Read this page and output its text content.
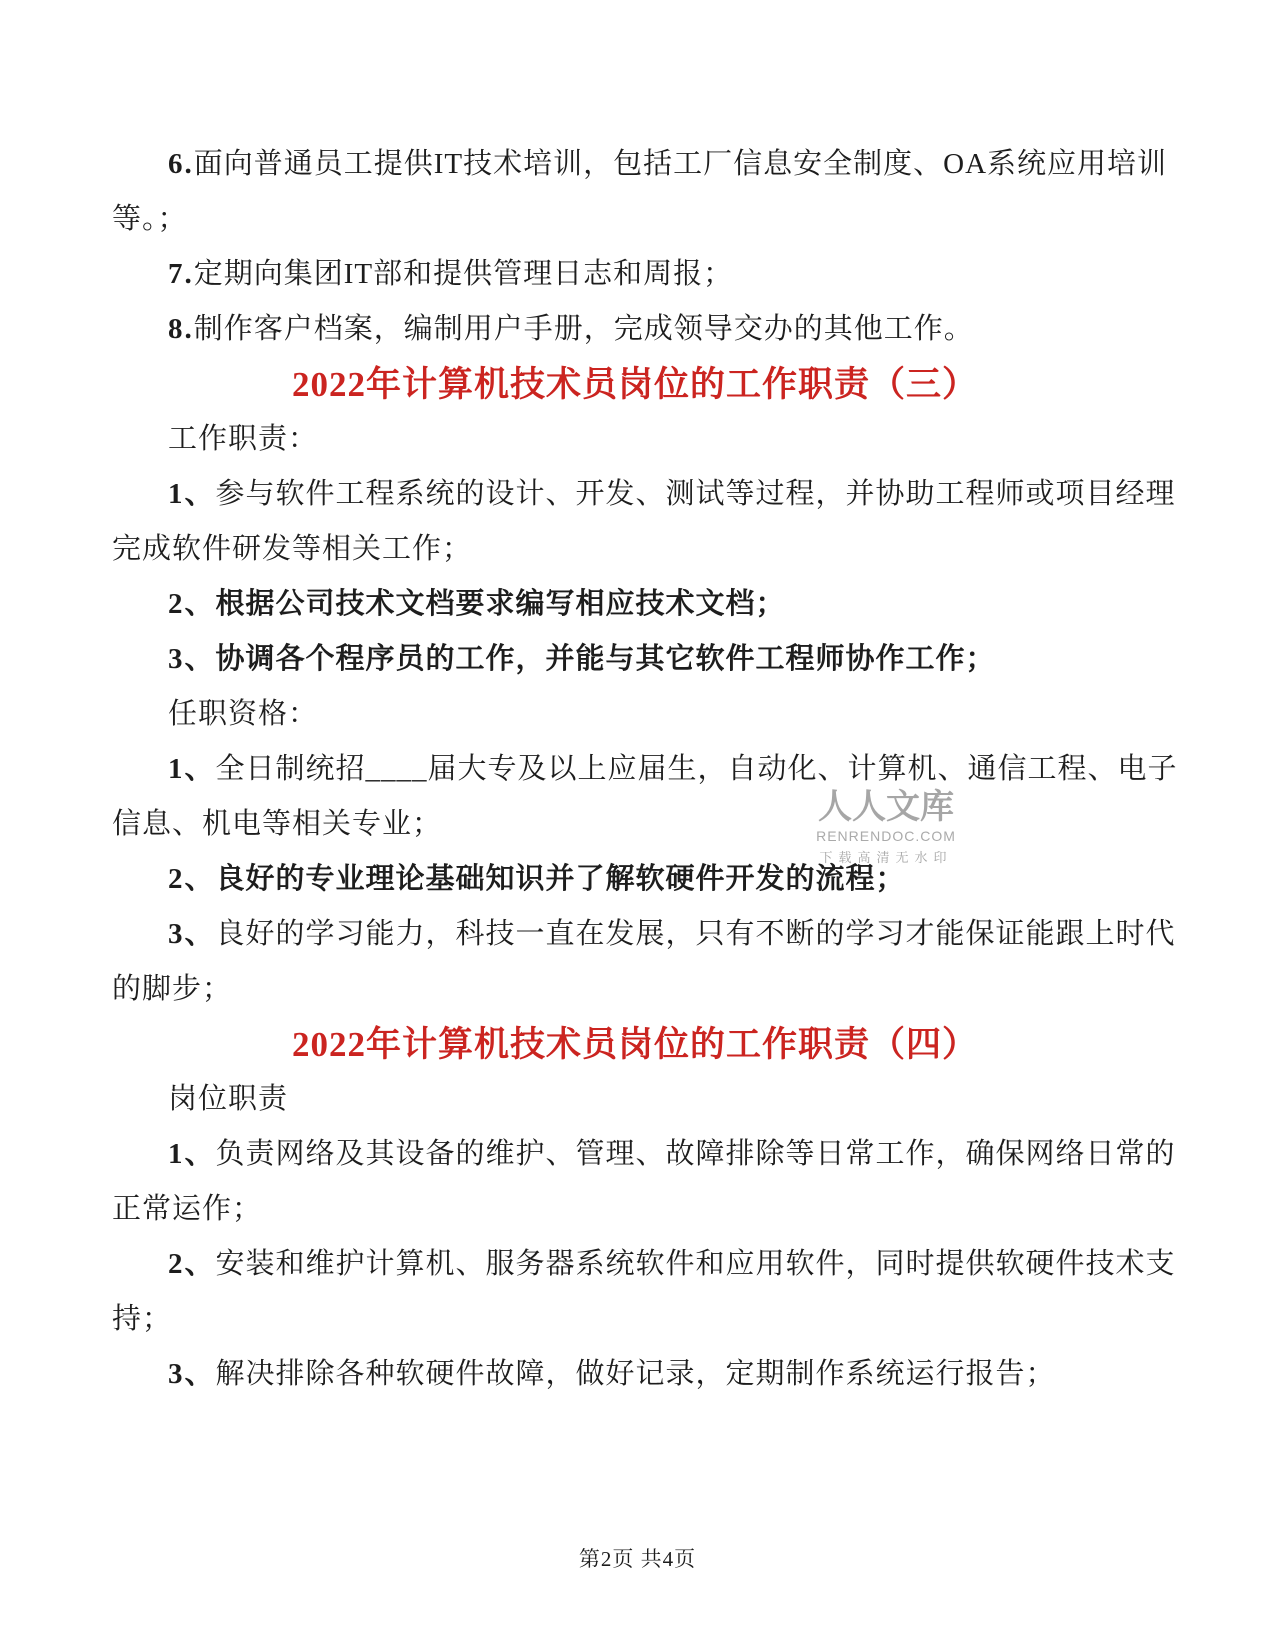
人人文库
RENRENDOC.COM
下载高清无水印
6.面向普通员工提供IT技术培训，包括工厂信息安全制度、OA系统应用培训
等。；
7.定期向集团IT部和提供管理日志和周报；
8.制作客户档案，编制用户手册，完成领导交办的其他工作。
2022年计算机技术员岗位的工作职责（三）
工作职责：
1、参与软件工程系统的设计、开发、测试等过程，并协助工程师或项目经理
完成软件研发等相关工作；
2、根据公司技术文档要求编写相应技术文档；
3、协调各个程序员的工作，并能与其它软件工程师协作工作；
任职资格：
1、全日制统招____届大专及以上应届生，自动化、计算机、通信工程、电子
信息、机电等相关专业；
2、良好的专业理论基础知识并了解软硬件开发的流程；
3、良好的学习能力，科技一直在发展，只有不断的学习才能保证能跟上时代
的脚步；
2022年计算机技术员岗位的工作职责（四）
岗位职责
1、负责网络及其设备的维护、管理、故障排除等日常工作，确保网络日常的
正常运作；
2、安装和维护计算机、服务器系统软件和应用软件，同时提供软硬件技术支
持；
3、解决排除各种软硬件故障，做好记录，定期制作系统运行报告；
第2页 共4页
